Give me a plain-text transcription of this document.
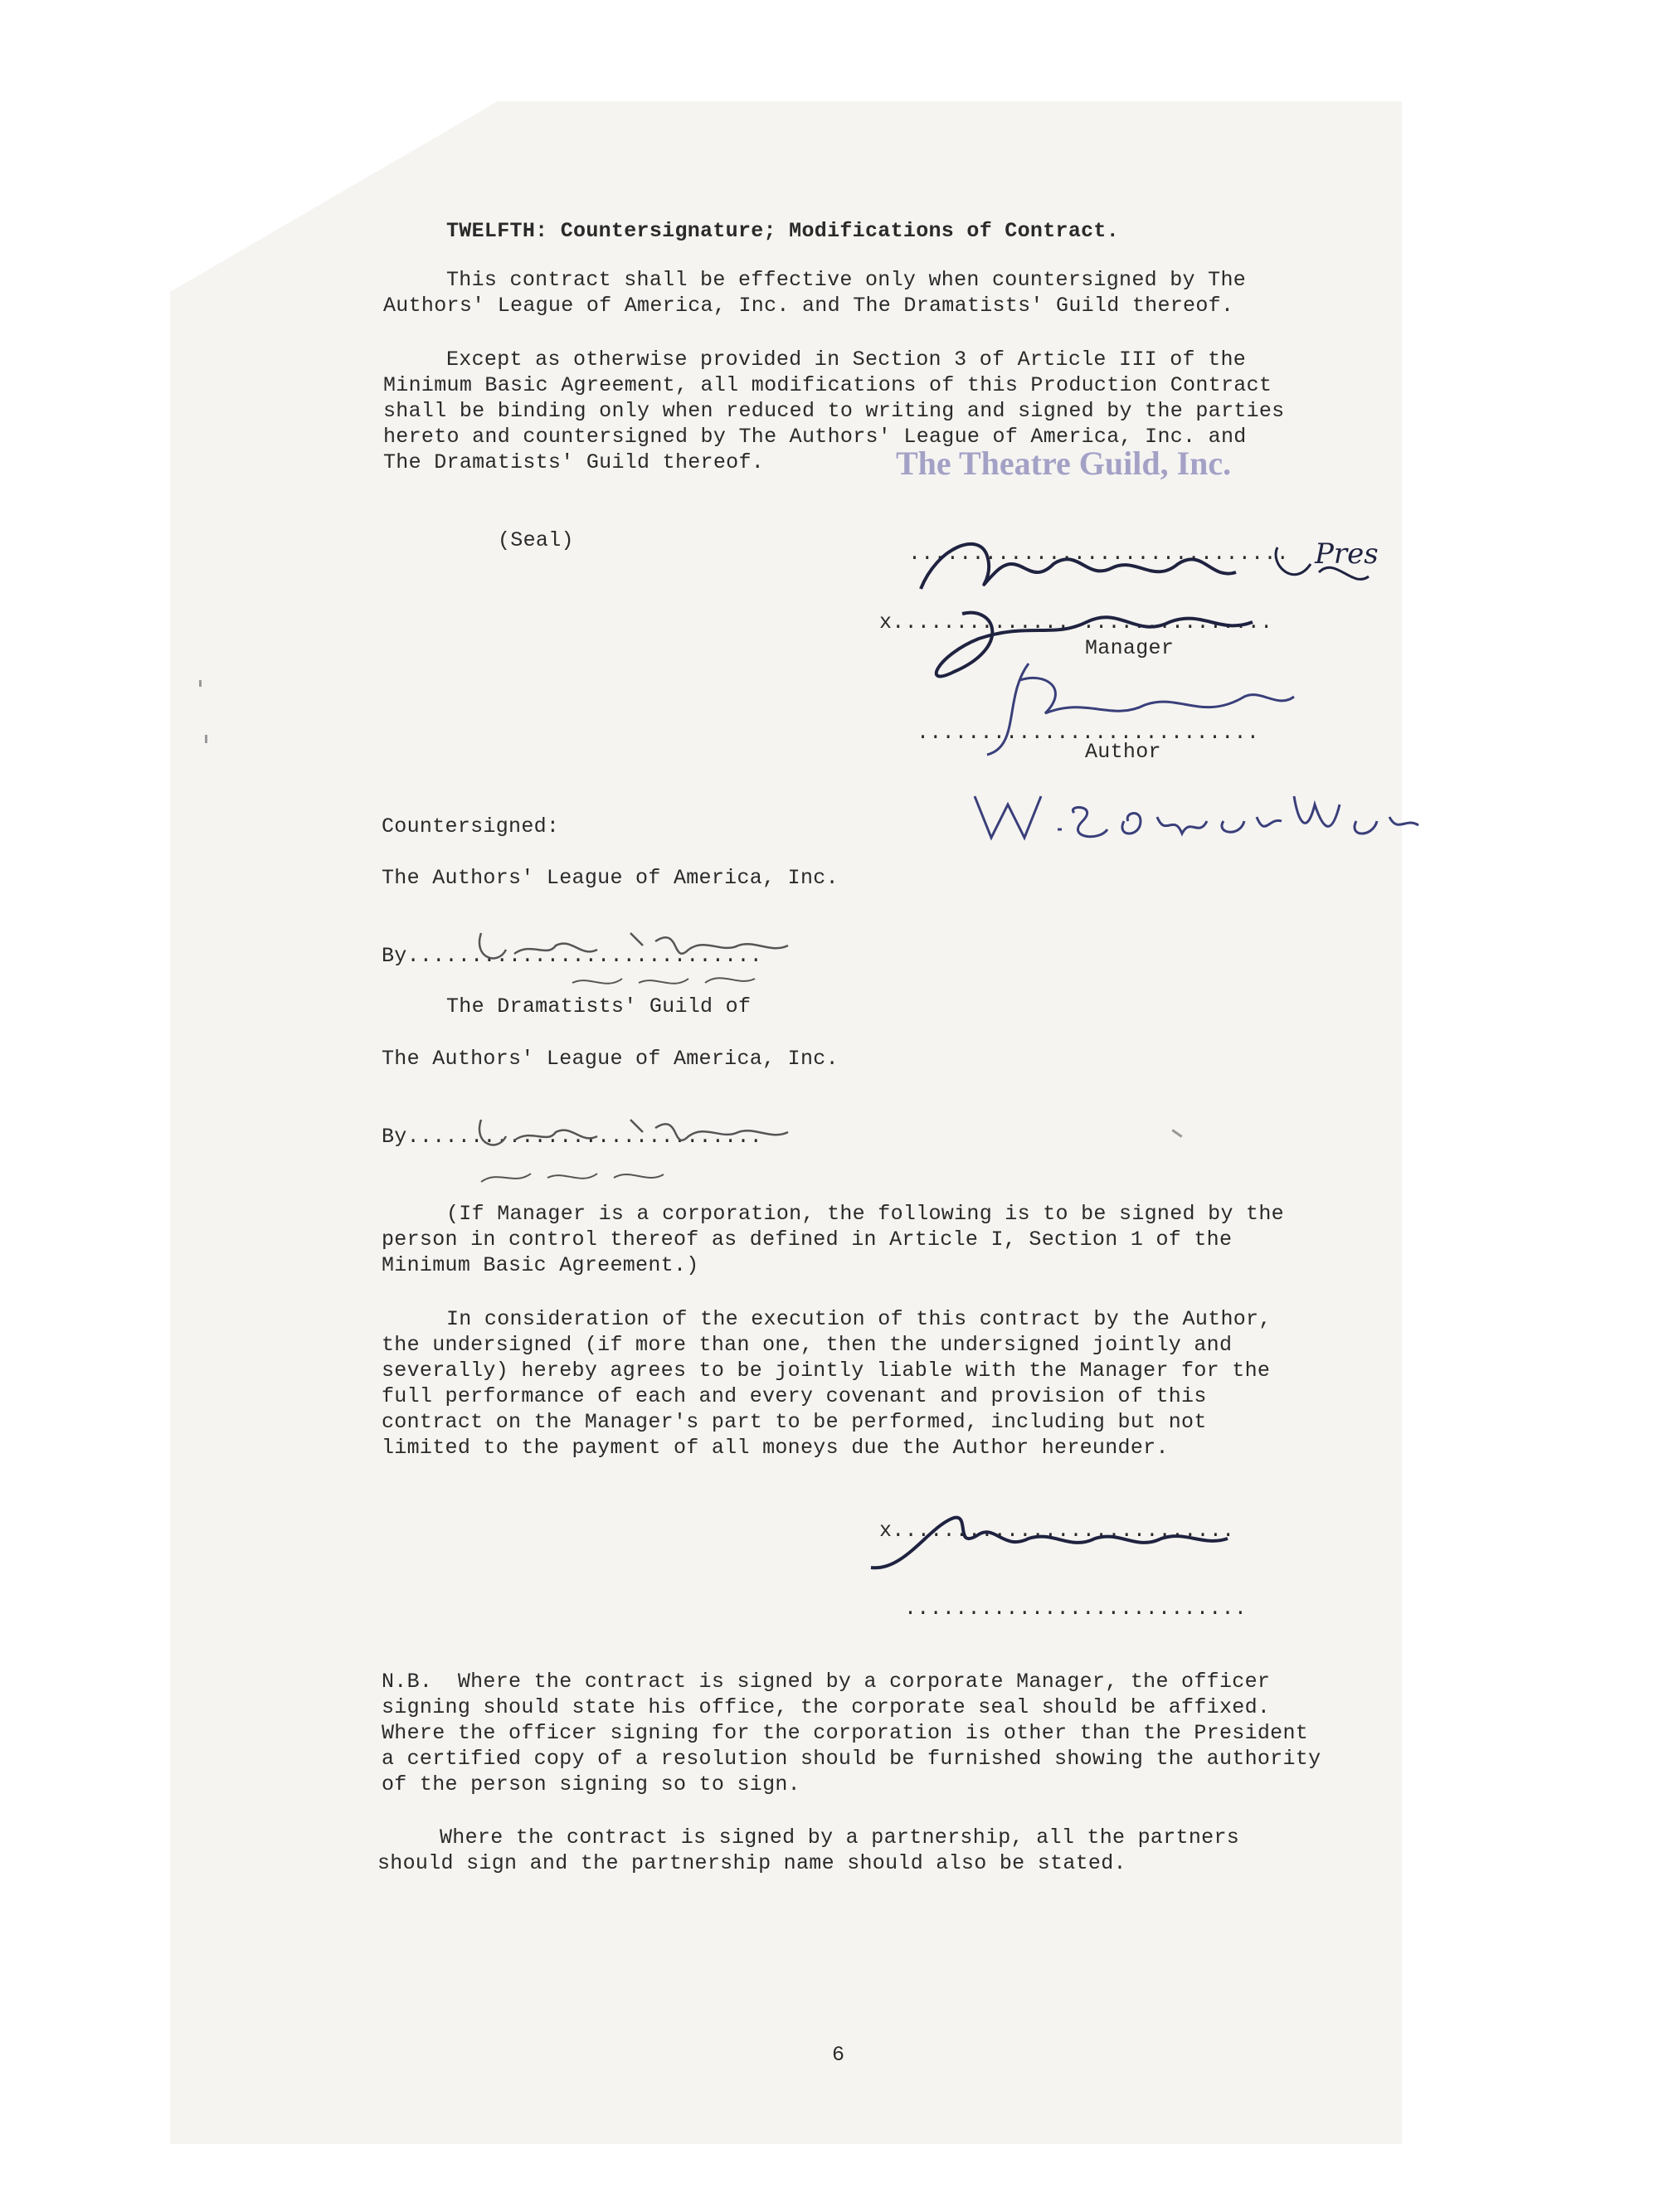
TWELFTH: Countersignature; Modifications of Contract.

This contract shall be effective only when countersigned by The

Authors' League of America, Inc. and The Dramatists' Guild thereof.

Except as otherwise provided in Section 3 of Article III of the

Minimum Basic Agreement, all modifications of this Production Contract

shall be binding only when reduced to writing and signed by the parties

hereto and countersigned by The Authors' League of America, Inc. and

The Dramatists' Guild thereof.	The Theatre Guild, Inc.

(Seal)

..............................

x..............................

Manager

...........................

Author

Countersigned:

The Authors' League of America, Inc.

By............................

The Dramatists' Guild of

The Authors' League of America, Inc.

By............................

(If Manager is a corporation, the following is to be signed by the

person in control thereof as defined in Article I, Section 1 of the

Minimum Basic Agreement.)

In consideration of the execution of this contract by the Author,

the undersigned (if more than one, then the undersigned jointly and

severally) hereby agrees to be jointly liable with the Manager for the

full performance of each and every covenant and provision of this

contract on the Manager's part to be performed, including but not

limited to the payment of all moneys due the Author hereunder.

x...........................

...........................

N.B.  Where the contract is signed by a corporate Manager, the officer

signing should state his office, the corporate seal should be affixed.

Where the officer signing for the corporation is other than the President

a certified copy of a resolution should be furnished showing the authority

of the person signing so to sign.

Where the contract is signed by a partnership, all the partners

should sign and the partnership name should also be stated.

6

Pres
